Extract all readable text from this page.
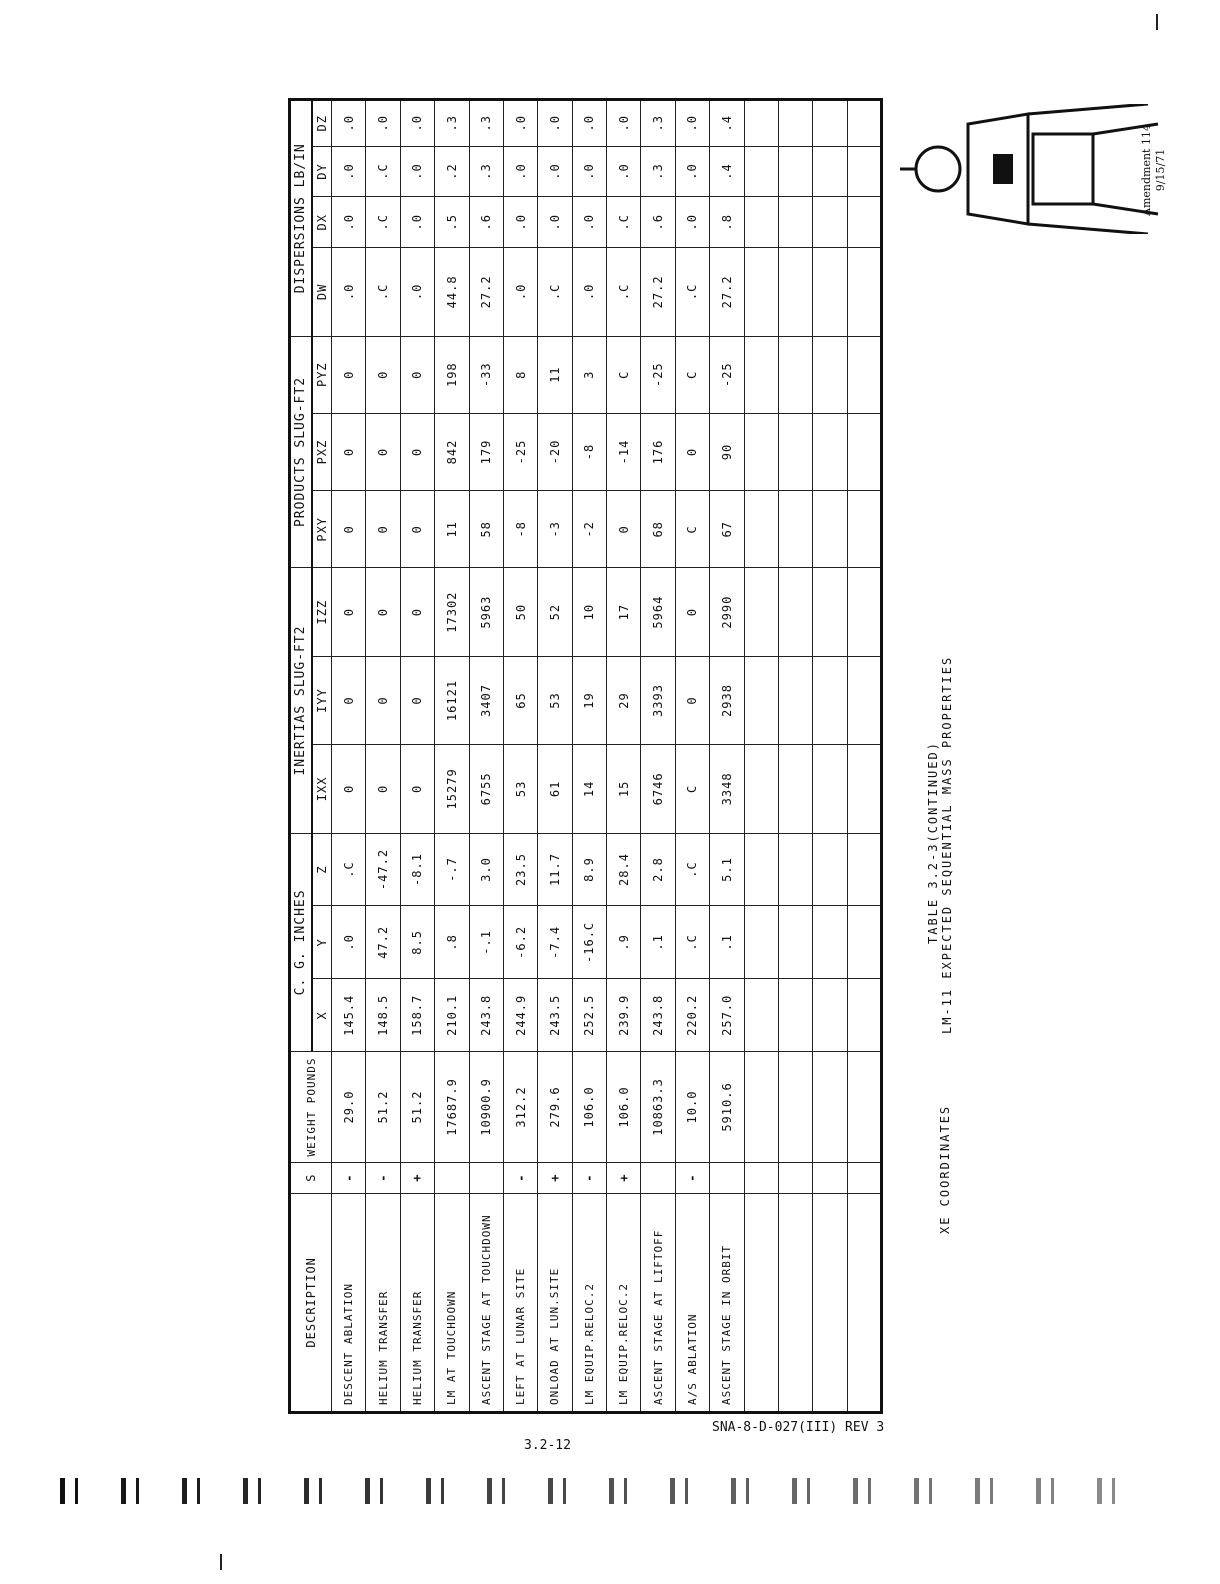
Amendment 114 9/15/71
XE COORDINATES
TABLE 3.2-3(CONTINUED) LM-11 EXPECTED SEQUENTIAL MASS PROPERTIES
DESCRIPTION	S	WEIGHT POUNDS	C. G. INCHES			INERTIAS SLUG-FT2			PRODUCTS SLUG-FT2			DISPERSIONS LB/IN			
			X	Y	Z	IXX	IYY	IZZ	PXY	PXZ	PYZ	DW	DX	DY	DZ
DESCENT ABLATION	-	29.0	145.4	.0	.C	0	0	0	0	0	0	.0	.0	.0	.0
HELIUM TRANSFER	-	51.2	148.5	47.2	-47.2	0	0	0	0	0	0	.C	.C	.C	.0
HELIUM TRANSFER	+	51.2	158.7	8.5	-8.1	0	0	0	0	0	0	.0	.0	.0	.0
LM AT TOUCHDOWN		17687.9	210.1	.8	-.7	15279	16121	17302	11	842	198	44.8	.5	.2	.3
ASCENT STAGE AT TOUCHDOWN		10900.9	243.8	-.1	3.0	6755	3407	5963	58	179	-33	27.2	.6	.3	.3
LEFT AT LUNAR SITE	-	312.2	244.9	-6.2	23.5	53	65	50	-8	-25	8	.0	.0	.0	.0
ONLOAD AT LUN.SITE	+	279.6	243.5	-7.4	11.7	61	53	52	-3	-20	11	.C	.0	.0	.0
LM EQUIP.RELOC.2	-	106.0	252.5	-16.C	8.9	14	19	10	-2	-8	3	.0	.0	.0	.0
LM EQUIP.RELOC.2	+	106.0	239.9	.9	28.4	15	29	17	0	-14	C	.C	.C	.0	.0
ASCENT STAGE AT LIFTOFF		10863.3	243.8	.1	2.8	6746	3393	5964	68	176	-25	27.2	.6	.3	.3
A/S ABLATION	-	10.0	220.2	.C	.C	C	0	0	C	0	C	.C	.0	.0	.0
ASCENT STAGE IN ORBIT		5910.6	257.0	.1	5.1	3348	2938	2990	67	90	-25	27.2	.8	.4	.4

SNA-8-D-027(III) REV 3
3.2-12
